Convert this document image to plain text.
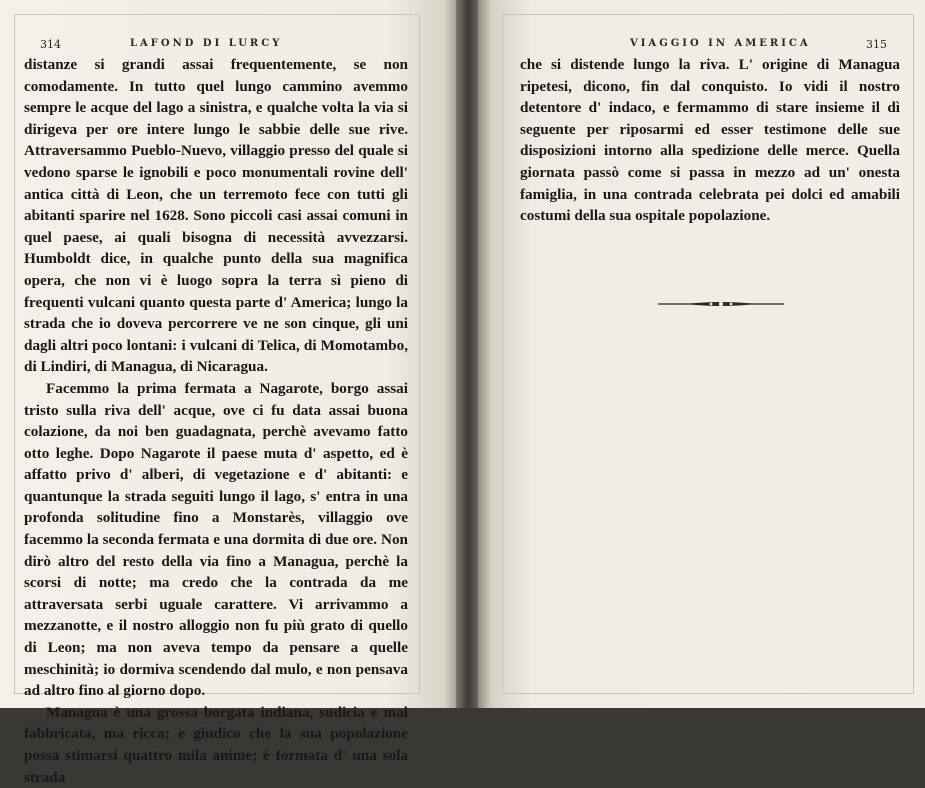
314	LAFOND DI LURCY

distanze si grandi assai frequentemente, se non comodamente. In tutto quel lungo cammino avemmo sempre le acque del lago a sinistra, e qualche volta la via si dirigeva per ore intere lungo le sabbie delle sue rive. Attraversammo Pueblo-Nuevo, villaggio presso del quale si vedono sparse le ignobili e poco monumentali rovine dell' antica città di Leon, che un terremoto fece con tutti gli abitanti sparire nel 1628. Sono piccoli casi assai comuni in quel paese, ai quali bisogna di necessità avvezzarsi. Humboldt dice, in qualche punto della sua magnifica opera, che non vi è luogo sopra la terra sì pieno di frequenti vulcani quanto questa parte d' America; lungo la strada che io doveva percorrere ve ne son cinque, gli uni dagli altri poco lontani: i vulcani di Telica, di Momotambo, di Lindiri, di Managua, di Nicaragua.

Facemmo la prima fermata a Nagarote, borgo assai tristo sulla riva dell' acque, ove ci fu data assai buona colazione, da noi ben guadagnata, perchè avevamo fatto otto leghe. Dopo Nagarote il paese muta d' aspetto, ed è affatto privo d' alberi, di vegetazione e d' abitanti: e quantunque la strada seguiti lungo il lago, s' entra in una profonda solitudine fino a Monstarès, villaggio ove facemmo la seconda fermata e una dormita di due ore. Non dirò altro del resto della via fino a Managua, perchè la scorsi di notte; ma credo che la contrada da me attraversata serbi uguale carattere. Vi arrivammo a mezzanotte, e il nostro alloggio non fu più grato di quello di Leon; ma non aveva tempo da pensare a quelle meschinità; io dormiva scendendo dal mulo, e non pensava ad altro fino al giorno dopo.

Managua è una grossa borgata indiana, sudicia e mal fabbricata, ma ricca; e giudico che la sua popolazione possa stimarsi quattro mila anime; è formata d' una sola strada

VIAGGIO IN AMERICA	315

che si distende lungo la riva. L' origine di Managua ripetesi, dicono, fin dal conquisto. Io vidi il nostro detentore d' indaco, e fermammo di stare insieme il dì seguente per riposarmi ed esser testimone delle sue disposizioni intorno alla spedizione delle merce. Quella giornata passò come si passa in mezzo ad un' onesta famiglia, in una contrada celebrata pei dolci ed amabili costumi della sua ospitale popolazione.
